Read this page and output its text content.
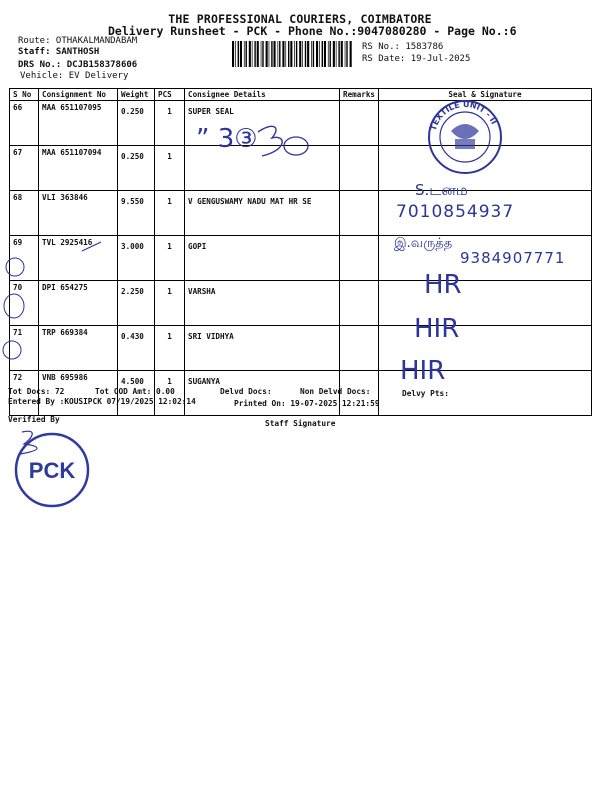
THE PROFESSIONAL COURIERS, COIMBATORE
Delivery Runsheet - PCK - Phone No.:9047080280 - Page No.:6
Route: OTHAKALMANDABAM
Staff: SANTHOSH
DRS No.: DCJB158378606
Vehicle: EV Delivery
RS No.: 1583786
RS Date: 19-Jul-2025
S No	Consignment No	Weight	PCS	Consignee Details	Remarks	Seal & Signature
66	MAA 651107095	0.250	1	SUPER SEAL		
67	MAA 651107094	0.250	1			
68	VLI 363846	9.550	1	V GENGUSWAMY NADU MAT HR SE		
69	TVL 2925416	3.000	1	GOPI		
70	DPI 654275	2.250	1	VARSHA		
71	TRP 669384	0.430	1	SRI VIDHYA		
72	VNB 695986	4.500	1	SUGANYA		
TEXTILE UNIT - II
PCK
” 3③
S.டனம
7010854937
இ.வருத்த
9384907771
HR
HIR
HIR
Tot Docs: 72	Tot COD Amt: 0.00	Delvd Docs:	Non Delvd Docs:	Delvy Pts:
Entered By :KOUSIPCK 07/19/2025 12:02:14	Printed On: 19-07-2025 12:21:59
Verified By	Staff Signature
